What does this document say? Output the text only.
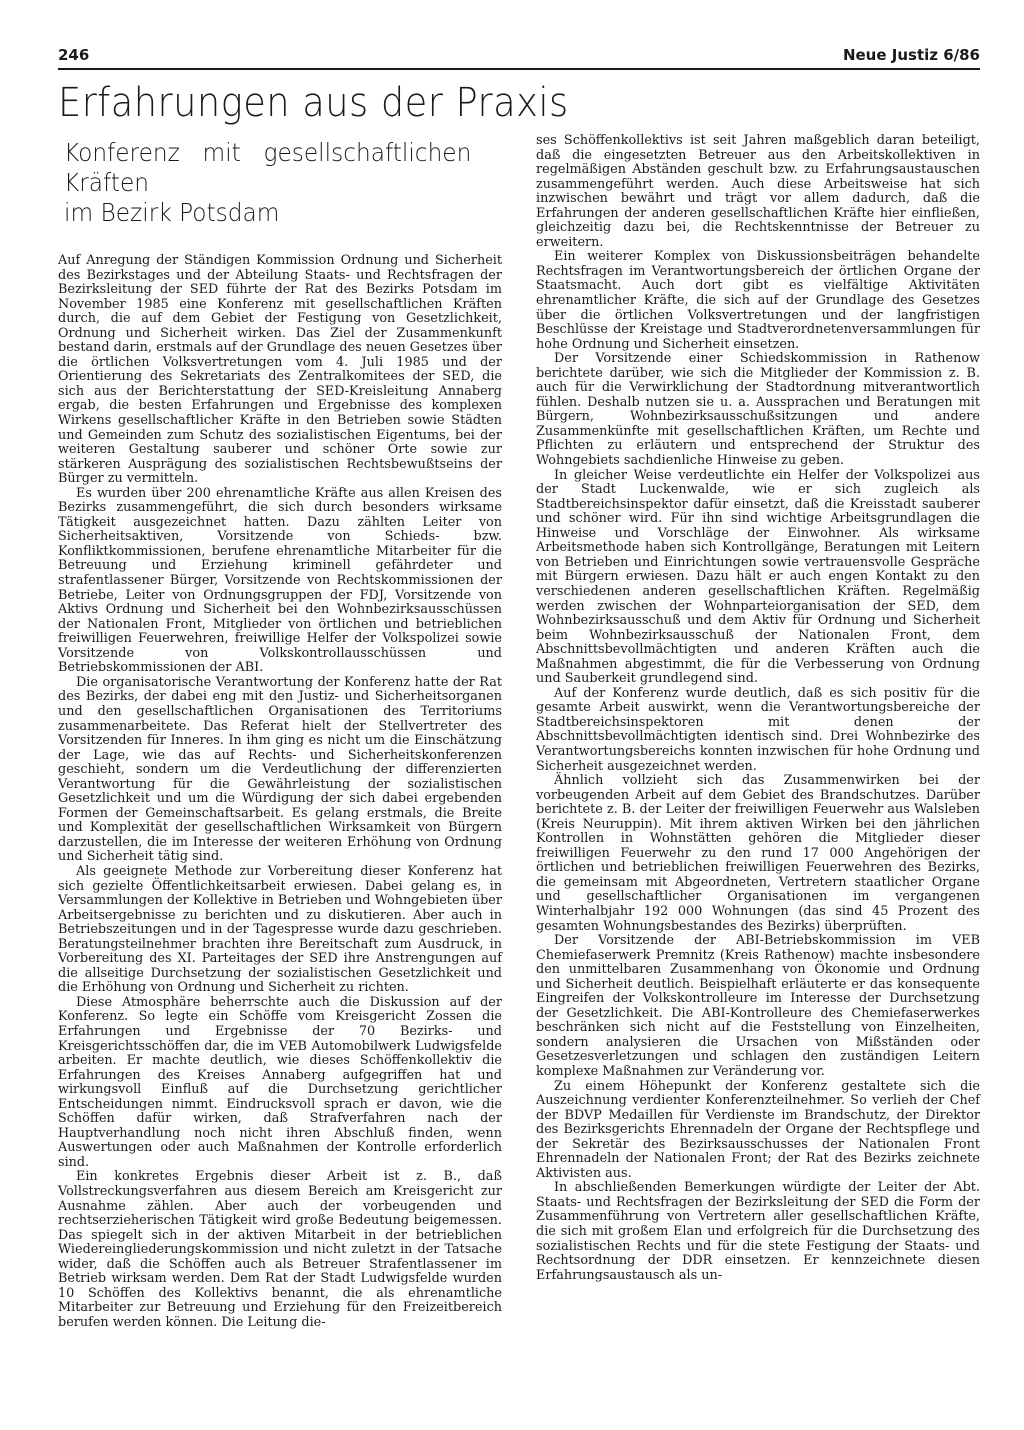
246	Neue Justiz 6/86
Erfahrungen aus der Praxis
Konferenz mit gesellschaftlichen Kräften
im Bezirk Potsdam

Auf Anregung der Ständigen Kommission Ordnung und Sicherheit des Bezirkstages und der Abteilung Staats- und Rechtsfragen der Bezirksleitung der SED führte der Rat des Bezirks Potsdam im November 1985 eine Konferenz mit gesellschaftlichen Kräften durch, die auf dem Gebiet der Festigung von Gesetzlichkeit, Ordnung und Sicherheit wirken. Das Ziel der Zusammenkunft bestand darin, erstmals auf der Grundlage des neuen Gesetzes über die örtlichen Volksvertretungen vom 4. Juli 1985 und der Orientierung des Sekretariats des Zentralkomitees der SED, die sich aus der Berichterstattung der SED-Kreisleitung Annaberg ergab, die besten Erfahrungen und Ergebnisse des komplexen Wirkens gesellschaftlicher Kräfte in den Betrieben sowie Städten und Gemeinden zum Schutz des sozialistischen Eigentums, bei der weiteren Gestaltung sauberer und schöner Orte sowie zur stärkeren Ausprägung des sozialistischen Rechtsbewußtseins der Bürger zu vermitteln.

Es wurden über 200 ehrenamtliche Kräfte aus allen Kreisen des Bezirks zusammengeführt, die sich durch besonders wirksame Tätigkeit ausgezeichnet hatten. Dazu zählten Leiter von Sicherheitsaktiven, Vorsitzende von Schieds- bzw. Konfliktkommissionen, berufene ehrenamtliche Mitarbeiter für die Betreuung und Erziehung kriminell gefährdeter und strafentlassener Bürger, Vorsitzende von Rechtskommissionen der Betriebe, Leiter von Ordnungsgruppen der FDJ, Vorsitzende von Aktivs Ordnung und Sicherheit bei den Wohnbezirksausschüssen der Nationalen Front, Mitglieder von örtlichen und betrieblichen freiwilligen Feuerwehren, freiwillige Helfer der Volkspolizei sowie Vorsitzende von Volkskontrollausschüssen und Betriebskommissionen der ABI.

Die organisatorische Verantwortung der Konferenz hatte der Rat des Bezirks, der dabei eng mit den Justiz- und Sicherheitsorganen und den gesellschaftlichen Organisationen des Territoriums zusammenarbeitete. Das Referat hielt der Stellvertreter des Vorsitzenden für Inneres. In ihm ging es nicht um die Einschätzung der Lage, wie das auf Rechts- und Sicherheitskonferenzen geschieht, sondern um die Verdeutlichung der differenzierten Verantwortung für die Gewährleistung der sozialistischen Gesetzlichkeit und um die Würdigung der sich dabei ergebenden Formen der Gemeinschaftsarbeit. Es gelang erstmals, die Breite und Komplexität der gesellschaftlichen Wirksamkeit von Bürgern darzustellen, die im Interesse der weiteren Erhöhung von Ordnung und Sicherheit tätig sind.

Als geeignete Methode zur Vorbereitung dieser Konferenz hat sich gezielte Öffentlichkeitsarbeit erwiesen. Dabei gelang es, in Versammlungen der Kollektive in Betrieben und Wohngebieten über Arbeitsergebnisse zu berichten und zu diskutieren. Aber auch in Betriebszeitungen und in der Tagespresse wurde dazu geschrieben. Beratungsteilnehmer brachten ihre Bereitschaft zum Ausdruck, in Vorbereitung des XI. Parteitages der SED ihre Anstrengungen auf die allseitige Durchsetzung der sozialistischen Gesetzlichkeit und die Erhöhung von Ordnung und Sicherheit zu richten.

Diese Atmosphäre beherrschte auch die Diskussion auf der Konferenz. So legte ein Schöffe vom Kreisgericht Zossen die Erfahrungen und Ergebnisse der 70 Bezirks- und Kreisgerichtsschöffen dar, die im VEB Automobilwerk Ludwigsfelde arbeiten. Er machte deutlich, wie dieses Schöffenkollektiv die Erfahrungen des Kreises Annaberg aufgegriffen hat und wirkungsvoll Einfluß auf die Durchsetzung gerichtlicher Entscheidungen nimmt. Eindrucksvoll sprach er davon, wie die Schöffen dafür wirken, daß Strafverfahren nach der Hauptverhandlung noch nicht ihren Abschluß finden, wenn Auswertungen oder auch Maßnahmen der Kontrolle erforderlich sind.

Ein konkretes Ergebnis dieser Arbeit ist z. B., daß Vollstreckungsverfahren aus diesem Bereich am Kreisgericht zur Ausnahme zählen. Aber auch der vorbeugenden und rechtserzieherischen Tätigkeit wird große Bedeutung beigemessen. Das spiegelt sich in der aktiven Mitarbeit in der betrieblichen Wiedereingliederungskommission und nicht zuletzt in der Tatsache wider, daß die Schöffen auch als Betreuer Strafentlassener im Betrieb wirksam werden. Dem Rat der Stadt Ludwigsfelde wurden 10 Schöffen des Kollektivs benannt, die als ehrenamtliche Mitarbeiter zur Betreuung und Erziehung für den Freizeitbereich berufen werden können. Die Leitung die-

ses Schöffenkollektivs ist seit Jahren maßgeblich daran beteiligt, daß die eingesetzten Betreuer aus den Arbeitskollektiven in regelmäßigen Abständen geschult bzw. zu Erfahrungsaustauschen zusammengeführt werden. Auch diese Arbeitsweise hat sich inzwischen bewährt und trägt vor allem dadurch, daß die Erfahrungen der anderen gesellschaftlichen Kräfte hier einfließen, gleichzeitig dazu bei, die Rechtskenntnisse der Betreuer zu erweitern.

Ein weiterer Komplex von Diskussionsbeiträgen behandelte Rechtsfragen im Verantwortungsbereich der örtlichen Organe der Staatsmacht. Auch dort gibt es vielfältige Aktivitäten ehrenamtlicher Kräfte, die sich auf der Grundlage des Gesetzes über die örtlichen Volksvertretungen und der langfristigen Beschlüsse der Kreistage und Stadtverordnetenversammlungen für hohe Ordnung und Sicherheit einsetzen.

Der Vorsitzende einer Schiedskommission in Rathenow berichtete darüber, wie sich die Mitglieder der Kommission z. B. auch für die Verwirklichung der Stadtordnung mitverantwortlich fühlen. Deshalb nutzen sie u. a. Aussprachen und Beratungen mit Bürgern, Wohnbezirksausschußsitzungen und andere Zusammenkünfte mit gesellschaftlichen Kräften, um Rechte und Pflichten zu erläutern und entsprechend der Struktur des Wohngebiets sachdienliche Hinweise zu geben.

In gleicher Weise verdeutlichte ein Helfer der Volkspolizei aus der Stadt Luckenwalde, wie er sich zugleich als Stadtbereichsinspektor dafür einsetzt, daß die Kreisstadt sauberer und schöner wird. Für ihn sind wichtige Arbeitsgrundlagen die Hinweise und Vorschläge der Einwohner. Als wirksame Arbeitsmethode haben sich Kontrollgänge, Beratungen mit Leitern von Betrieben und Einrichtungen sowie vertrauensvolle Gespräche mit Bürgern erwiesen. Dazu hält er auch engen Kontakt zu den verschiedenen anderen gesellschaftlichen Kräften. Regelmäßig werden zwischen der Wohnparteiorganisation der SED, dem Wohnbezirksausschuß und dem Aktiv für Ordnung und Sicherheit beim Wohnbezirksausschuß der Nationalen Front, dem Abschnittsbevollmächtigten und anderen Kräften auch die Maßnahmen abgestimmt, die für die Verbesserung von Ordnung und Sauberkeit grundlegend sind.

Auf der Konferenz wurde deutlich, daß es sich positiv für die gesamte Arbeit auswirkt, wenn die Verantwortungsbereiche der Stadtbereichsinspektoren mit denen der Abschnittsbevollmächtigten identisch sind. Drei Wohnbezirke des Verantwortungsbereichs konnten inzwischen für hohe Ordnung und Sicherheit ausgezeichnet werden.

Ähnlich vollzieht sich das Zusammenwirken bei der vorbeugenden Arbeit auf dem Gebiet des Brandschutzes. Darüber berichtete z. B. der Leiter der freiwilligen Feuerwehr aus Walsleben (Kreis Neuruppin). Mit ihrem aktiven Wirken bei den jährlichen Kontrollen in Wohnstätten gehören die Mitglieder dieser freiwilligen Feuerwehr zu den rund 17 000 Angehörigen der örtlichen und betrieblichen freiwilligen Feuerwehren des Bezirks, die gemeinsam mit Abgeordneten, Vertretern staatlicher Organe und gesellschaftlicher Organisationen im vergangenen Winterhalbjahr 192 000 Wohnungen (das sind 45 Prozent des gesamten Wohnungsbestandes des Bezirks) überprüften.

Der Vorsitzende der ABI-Betriebskommission im VEB Chemiefaserwerk Premnitz (Kreis Rathenow) machte insbesondere den unmittelbaren Zusammenhang von Ökonomie und Ordnung und Sicherheit deutlich. Beispielhaft erläuterte er das konsequente Eingreifen der Volkskontrolleure im Interesse der Durchsetzung der Gesetzlichkeit. Die ABI-Kontrolleure des Chemiefaserwerkes beschränken sich nicht auf die Feststellung von Einzelheiten, sondern analysieren die Ursachen von Mißständen oder Gesetzesverletzungen und schlagen den zuständigen Leitern komplexe Maßnahmen zur Veränderung vor.

Zu einem Höhepunkt der Konferenz gestaltete sich die Auszeichnung verdienter Konferenzteilnehmer. So verlieh der Chef der BDVP Medaillen für Verdienste im Brandschutz, der Direktor des Bezirksgerichts Ehrennadeln der Organe der Rechtspflege und der Sekretär des Bezirksausschusses der Nationalen Front Ehrennadeln der Nationalen Front; der Rat des Bezirks zeichnete Aktivisten aus.

In abschließenden Bemerkungen würdigte der Leiter der Abt. Staats- und Rechtsfragen der Bezirksleitung der SED die Form der Zusammenführung von Vertretern aller gesellschaftlichen Kräfte, die sich mit großem Elan und erfolgreich für die Durchsetzung des sozialistischen Rechts und für die stete Festigung der Staats- und Rechtsordnung der DDR einsetzen. Er kennzeichnete diesen Erfahrungsaustausch als un-
